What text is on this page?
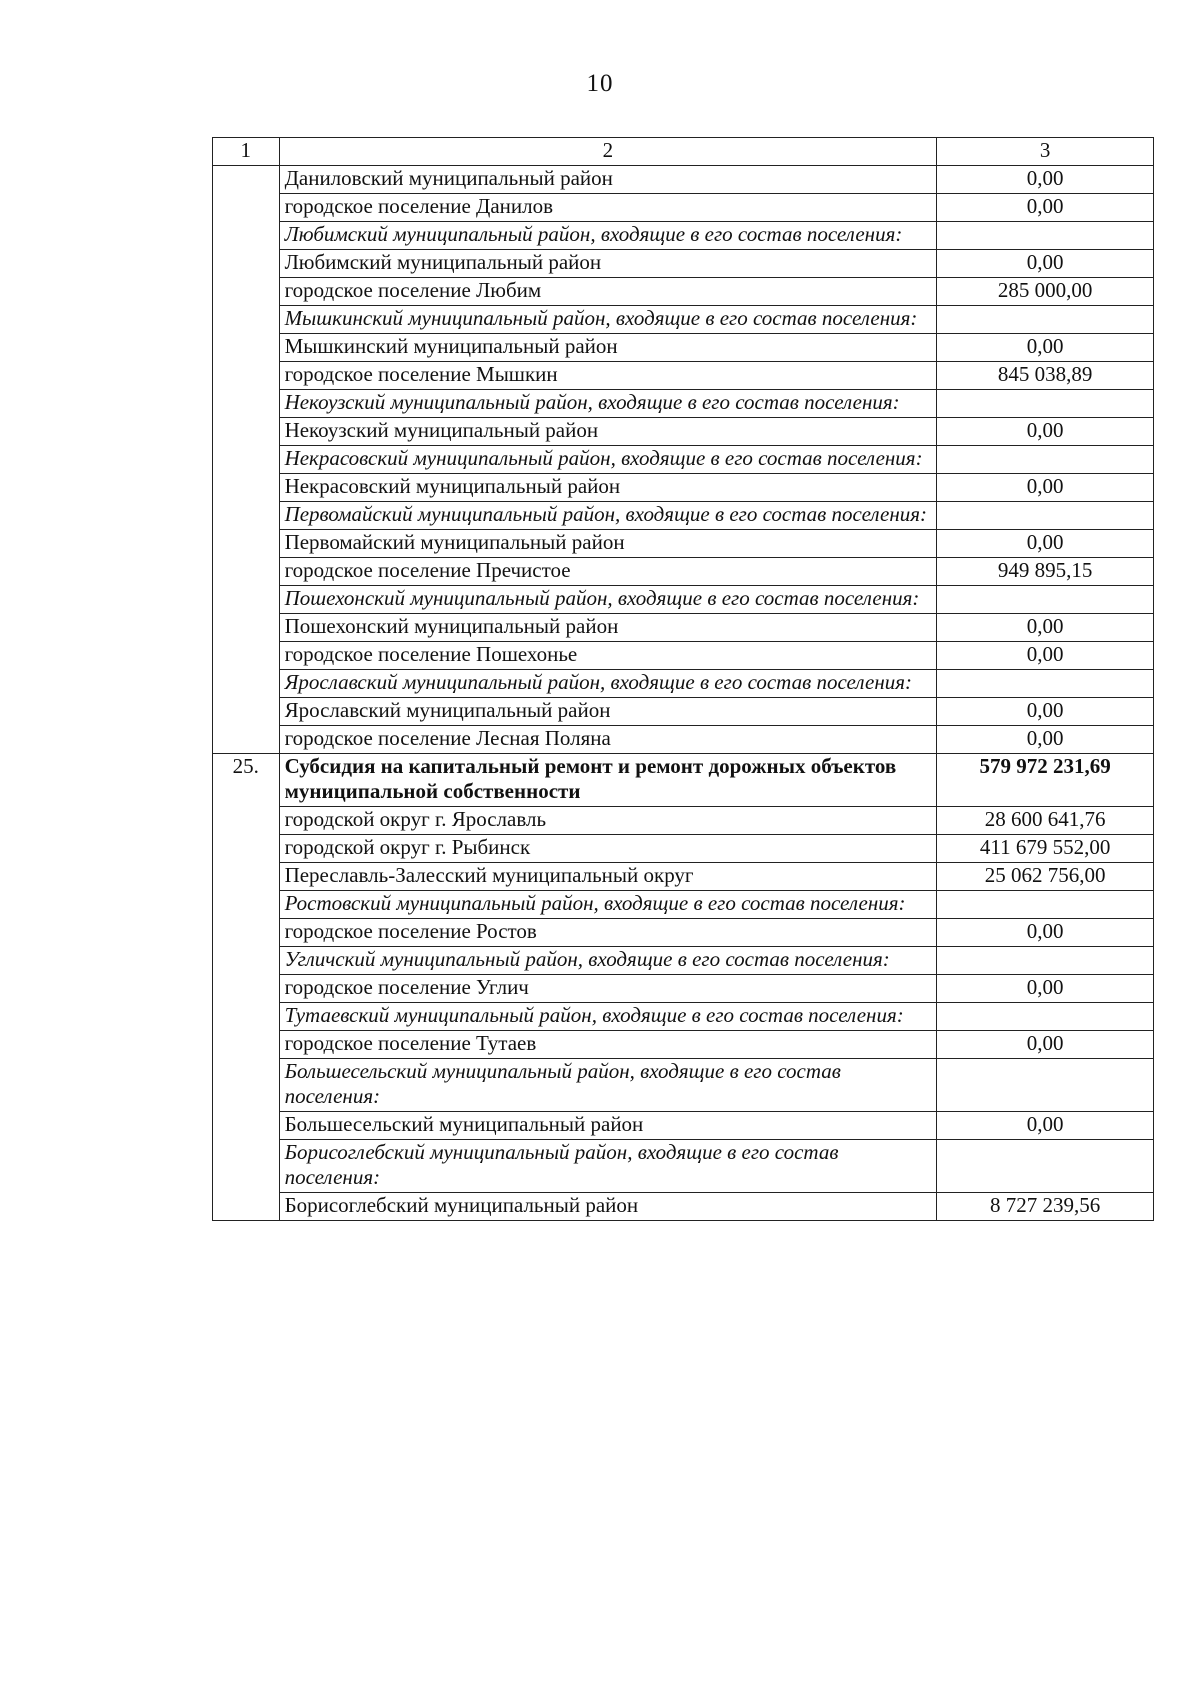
10
1	2	3
	Даниловский муниципальный район	0,00
	городское поселение Данилов	0,00
	Любимский муниципальный район, входящие в его состав поселения:	
	Любимский муниципальный район	0,00
	городское поселение Любим	285 000,00
	Мышкинский муниципальный район, входящие в его состав поселения:	
	Мышкинский муниципальный район	0,00
	городское поселение Мышкин	845 038,89
	Некоузский муниципальный район, входящие в его состав поселения:	
	Некоузский муниципальный район	0,00
	Некрасовский муниципальный район, входящие в его состав поселения:	
	Некрасовский муниципальный район	0,00
	Первомайский муниципальный район, входящие в его состав поселения:	
	Первомайский муниципальный район	0,00
	городское поселение Пречистое	949 895,15
	Пошехонский муниципальный район, входящие в его состав поселения:	
	Пошехонский муниципальный район	0,00
	городское поселение Пошехонье	0,00
	Ярославский муниципальный район, входящие в его состав поселения:	
	Ярославский муниципальный район	0,00
	городское поселение Лесная Поляна	0,00
25.	Субсидия на капитальный ремонт и ремонт дорожных объектов муниципальной собственности	579 972 231,69
	городской округ г. Ярославль	28 600 641,76
	городской округ г. Рыбинск	411 679 552,00
	Переславль-Залесский муниципальный округ	25 062 756,00
	Ростовский муниципальный район, входящие в его состав поселения:	
	городское поселение Ростов	0,00
	Угличский муниципальный район, входящие в его состав поселения:	
	городское поселение Углич	0,00
	Тутаевский муниципальный район, входящие в его состав поселения:	
	городское поселение Тутаев	0,00
	Большесельский муниципальный район, входящие в его состав поселения:	
	Большесельский муниципальный район	0,00
	Борисоглебский муниципальный район, входящие в его состав поселения:	
	Борисоглебский муниципальный район	8 727 239,56
